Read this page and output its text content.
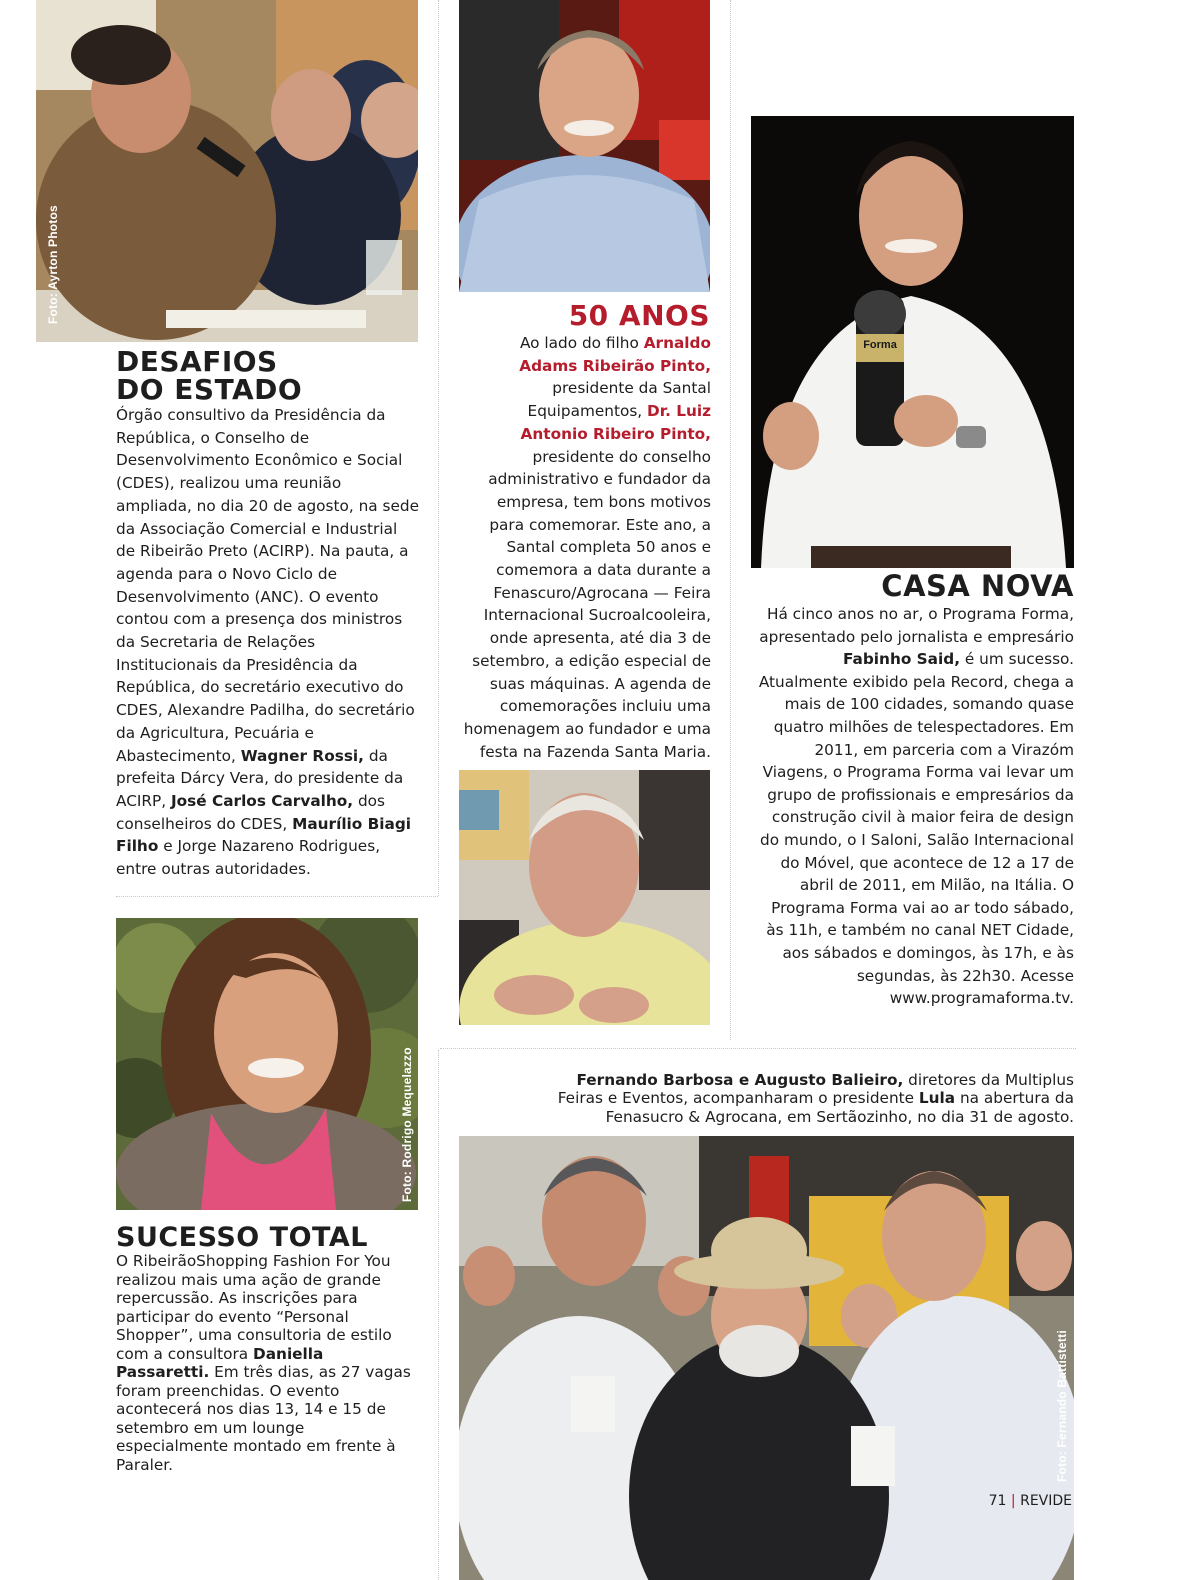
Foto: Ayrton Photos
DESAFIOS
DO ESTADO

Órgão consultivo da Presidência da República, o Conselho de Desenvolvimento Econômico e Social (CDES), realizou uma reunião ampliada, no dia 20 de agosto, na sede da Associação Comercial e Industrial de Ribeirão Preto (ACIRP). Na pauta, a agenda para o Novo Ciclo de Desenvolvimento (ANC). O evento contou com a presença dos ministros da Secretaria de Relações Institucionais da Presidência da República, do secretário executivo do CDES, Alexandre Padilha, do secretário da Agricultura, Pecuária e Abastecimento, Wagner Rossi, da prefeita Dárcy Vera, do presidente da ACIRP, José Carlos Carvalho, dos conselheiros do CDES, Maurílio Biagi Filho e Jorge Nazareno Rodrigues, entre outras autoridades.

Foto: Rodrigo Mequelazzo
SUCESSO TOTAL

O RibeirãoShopping Fashion For You realizou mais uma ação de grande repercussão. As inscrições para participar do evento “Personal Shopper”, uma consultoria de estilo com a consultora Daniella Passaretti. Em três dias, as 27 vagas foram preenchidas. O evento acontecerá nos dias 13, 14 e 15 de setembro em um lounge especialmente montado em frente à Paraler.

50 ANOS

Ao lado do filho Arnaldo Adams Ribeirão Pinto, presidente da Santal Equipamentos, Dr. Luiz Antonio Ribeiro Pinto, presidente do conselho administrativo e fundador da empresa, tem bons motivos para comemorar. Este ano, a Santal completa 50 anos e comemora a data durante a Fenascuro/Agrocana — Feira Internacional Sucroalcooleira, onde apresenta, até dia 3 de setembro, a edição especial de suas máquinas. A agenda de comemorações incluiu uma homenagem ao fundador e uma festa na Fazenda Santa Maria.

Forma
CASA NOVA

Há cinco anos no ar, o Programa Forma, apresentado pelo jornalista e empresário Fabinho Said, é um sucesso. Atualmente exibido pela Record, chega a mais de 100 cidades, somando quase quatro milhões de telespectadores. Em 2011, em parceria com a Virazóm Viagens, o Programa Forma vai levar um grupo de profissionais e empresários da construção civil à maior feira de design do mundo, o I Saloni, Salão Internacional do Móvel, que acontece de 12 a 17 de abril de 2011, em Milão, na Itália. O Programa Forma vai ao ar todo sábado, às 11h, e também no canal NET Cidade, aos sábados e domingos, às 17h, e às segundas, às 22h30. Acesse www.programaforma.tv.

Fernando Barbosa e Augusto Balieiro, diretores da Multiplus Feiras e Eventos, acompanharam o presidente Lula na abertura da Fenasucro & Agrocana, em Sertãozinho, no dia 31 de agosto.

Foto: Fernando Battistetti
71 | REVIDE
